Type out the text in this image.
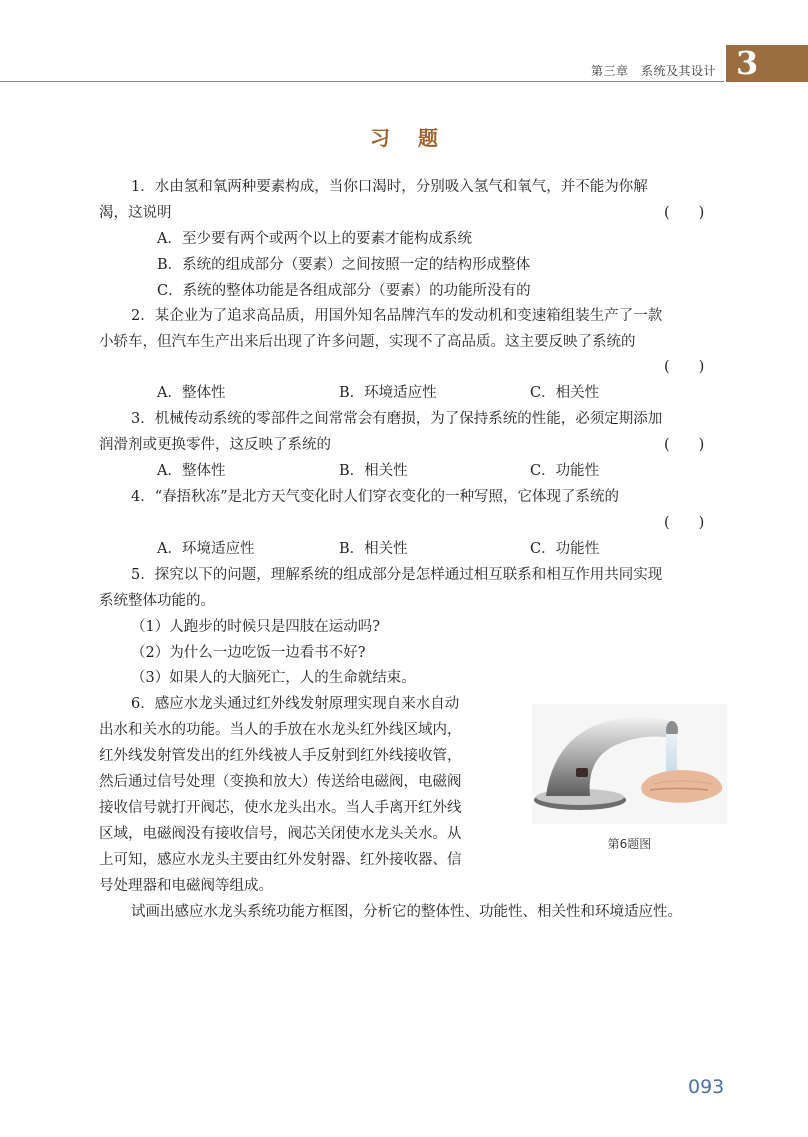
第三章　系统及其设计 3
习题
1．水由氢和氧两种要素构成，当你口渴时，分别吸入氢气和氧气，并不能为你解
渴，这说明	(　　)
A．至少要有两个或两个以上的要素才能构成系统
B．系统的组成部分（要素）之间按照一定的结构形成整体
C．系统的整体功能是各组成部分（要素）的功能所没有的
2．某企业为了追求高品质，用国外知名品牌汽车的发动机和变速箱组装生产了一款
小轿车，但汽车生产出来后出现了许多问题，实现不了高品质。这主要反映了系统的
(　　)
A．整体性	B．环境适应性	C．相关性
3．机械传动系统的零部件之间常常会有磨损，为了保持系统的性能，必须定期添加
润滑剂或更换零件，这反映了系统的	(　　)
A．整体性	B．相关性	C．功能性
4．“春捂秋冻”是北方天气变化时人们穿衣变化的一种写照，它体现了系统的
(　　)
A．环境适应性	B．相关性	C．功能性
5．探究以下的问题，理解系统的组成部分是怎样通过相互联系和相互作用共同实现
系统整体功能的。
（1）人跑步的时候只是四肢在运动吗?
（2）为什么一边吃饭一边看书不好?
（3）如果人的大脑死亡，人的生命就结束。
6．感应水龙头通过红外线发射原理实现自来水自动
出水和关水的功能。当人的手放在水龙头红外线区域内，
红外线发射管发出的红外线被人手反射到红外线接收管，
然后通过信号处理（变换和放大）传送给电磁阀，电磁阀
接收信号就打开阀芯，使水龙头出水。当人手离开红外线
区域，电磁阀没有接收信号，阀芯关闭使水龙头关水。从
上可知，感应水龙头主要由红外发射器、红外接收器、信
号处理器和电磁阀等组成。
试画出感应水龙头系统功能方框图，分析它的整体性、功能性、相关性和环境适应性。
第6题图
093
